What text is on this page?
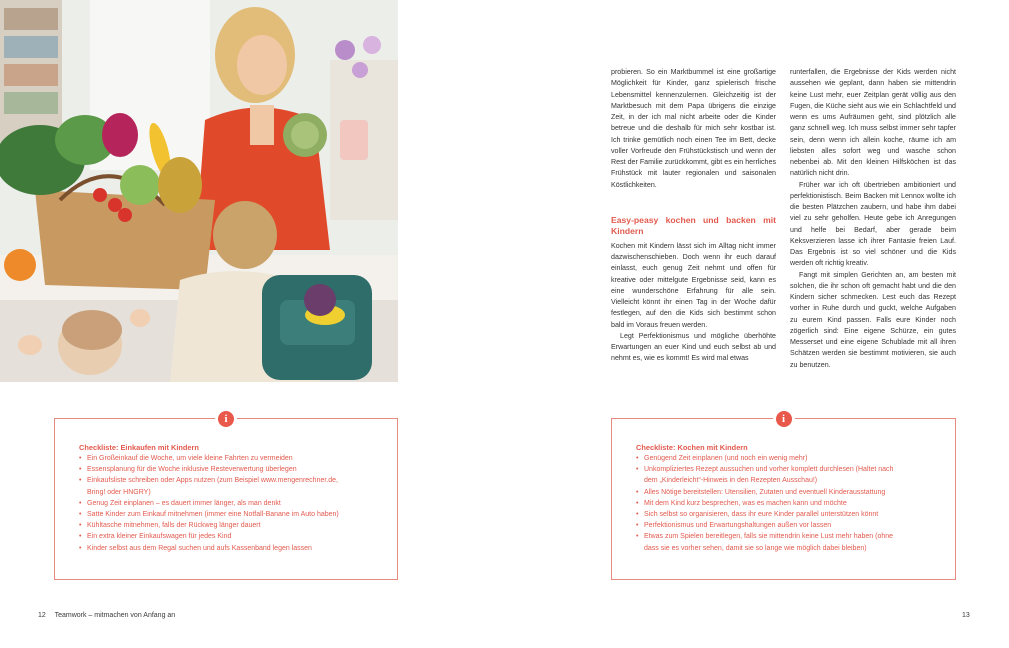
probieren. So ein Marktbummel ist eine großartige Möglichkeit für Kinder, ganz spielerisch frische Lebensmittel kennenzulernen. Gleichzeitig ist der Marktbesuch mit dem Papa übrigens die einzige Zeit, in der ich mal nicht arbeite oder die Kinder betreue und die deshalb für mich sehr kostbar ist. Ich trinke gemütlich noch einen Tee im Bett, decke voller Vorfreude den Frühstückstisch und wenn der Rest der Familie zurückkommt, gibt es ein herrliches Frühstück mit lauter regionalen und saisonalen Köstlichkeiten.

Easy-peasy kochen und backen mit Kindern

Kochen mit Kindern lässt sich im Alltag nicht immer dazwischenschieben. Doch wenn ihr euch darauf einlasst, euch genug Zeit nehmt und offen für kreative oder mittelgute Ergebnisse seid, kann es eine wunderschöne Erfahrung für alle sein. Vielleicht könnt ihr einen Tag in der Woche dafür festlegen, auf den die Kids sich bestimmt schon bald im Voraus freuen werden.

Legt Perfektionismus und mögliche überhöhte Erwartungen an euer Kind und euch selbst ab und nehmt es, wie es kommt! Es wird mal etwas

runterfallen, die Ergebnisse der Kids werden nicht aussehen wie geplant, dann haben sie mittendrin keine Lust mehr, euer Zeitplan gerät völlig aus den Fugen, die Küche sieht aus wie ein Schlachtfeld und wenn es ums Aufräumen geht, sind plötzlich alle ganz schnell weg. Ich muss selbst immer sehr tapfer sein, denn wenn ich allein koche, räume ich am liebsten alles sofort weg und wasche schon nebenbei ab. Mit den kleinen Hilfsköchen ist das natürlich nicht drin.

Früher war ich oft übertrieben ambitioniert und perfektionistisch. Beim Backen mit Lennox wollte ich die besten Plätzchen zaubern, und habe ihm dabei viel zu sehr geholfen. Heute gebe ich Anregungen und helfe bei Bedarf, aber gerade beim Keksverzieren lasse ich ihrer Fantasie freien Lauf. Das Ergebnis ist so viel schöner und die Kids werden oft richtig kreativ.

Fangt mit simplen Gerichten an, am besten mit solchen, die ihr schon oft gemacht habt und die den Kindern sicher schmecken. Lest euch das Rezept vorher in Ruhe durch und guckt, welche Aufgaben zu eurem Kind passen. Falls eure Kinder noch zögerlich sind: Eine eigene Schürze, ein gutes Messerset und eine eigene Schublade mit all ihren Schätzen werden sie bestimmt motivieren, sie auch zu benutzen.

i
Checkliste: Einkaufen mit Kindern
• Ein Großeinkauf die Woche, um viele kleine Fahrten zu vermeiden
• Essensplanung für die Woche inklusive Resteverwertung überlegen
• Einkaufsliste schreiben oder Apps nutzen (zum Beispiel www.mengenrechner.de,
Bring! oder HNGRY)
• Genug Zeit einplanen – es dauert immer länger, als man denkt
• Satte Kinder zum Einkauf mitnehmen (immer eine Notfall-Banane im Auto haben)
• Kühltasche mitnehmen, falls der Rückweg länger dauert
• Ein extra kleiner Einkaufswagen für jedes Kind
• Kinder selbst aus dem Regal suchen und aufs Kassenband legen lassen
i
Checkliste: Kochen mit Kindern
• Genügend Zeit einplanen (und noch ein wenig mehr)
• Unkompliziertes Rezept aussuchen und vorher komplett durchlesen (Haltet nach
dem „Kinderleicht“-Hinweis in den Rezepten Ausschau!)
• Alles Nötige bereitstellen: Utensilien, Zutaten und eventuell Kinderausstattung
• Mit dem Kind kurz besprechen, was es machen kann und möchte
• Sich selbst so organisieren, dass ihr eure Kinder parallel unterstützen könnt
• Perfektionismus und Erwartungshaltungen außen vor lassen
• Etwas zum Spielen bereitlegen, falls sie mittendrin keine Lust mehr haben (ohne
dass sie es vorher sehen, damit sie so lange wie möglich dabei bleiben)
12 Teamwork – mitmachen von Anfang an	13
